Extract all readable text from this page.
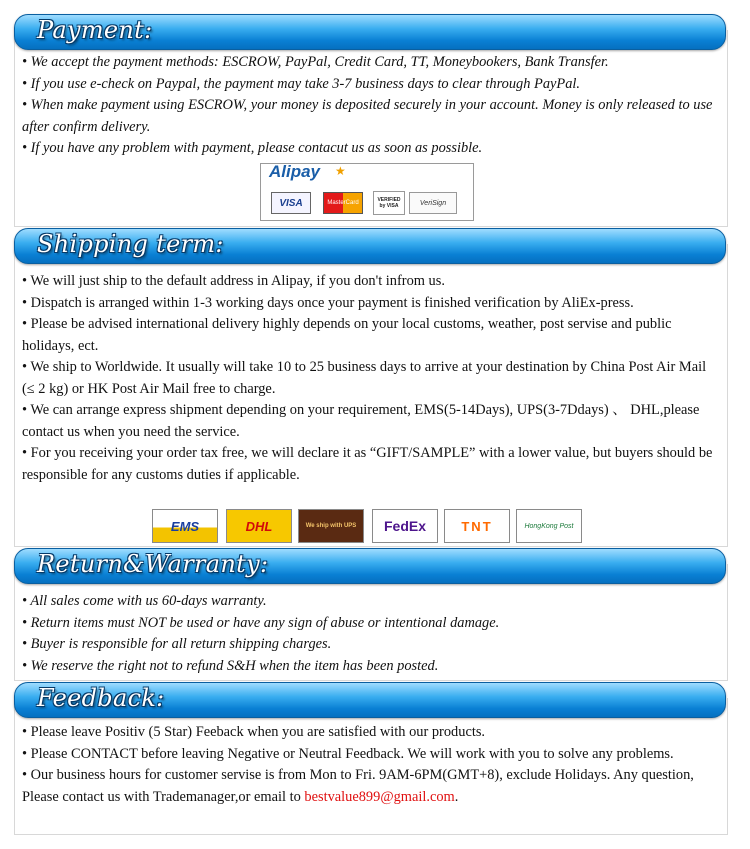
Payment:

• We accept the payment methods: ESCROW, PayPal, Credit Card, TT, Moneybookers, Bank Transfer.

• If you use e-check on Paypal, the payment may take 3-7 business days to clear through PayPal.

• When make payment using ESCROW, your money is deposited securely in your account. Money is only released to use after confirm delivery.

• If you have any problem with payment, please contacut us as soon as possible.

Alipay ★
VISA	MasterCard	VERIFIED by VISA	VeriSign
Shipping term:

• We will just ship to the default address in Alipay, if you don't infrom us.

• Dispatch is arranged within 1-3 working days once your payment is finished verification by AliEx-press.

• Please be advised international delivery highly depends on your local customs, weather, post servise and public holidays, ect.

• We ship to Worldwide. It usually will take 10 to 25 business days to arrive at your destination by China Post Air Mail (≤ 2 kg) or HK Post Air Mail free to charge.

• We can arrange express shipment depending on your requirement, EMS(5-14Days), UPS(3-7Ddays) 、 DHL,please contact us when you need the service.

• For you receiving your order tax free, we will declare it as “GIFT/SAMPLE” with a lower value, but buyers should be responsible for any customs duties if applicable.

EMS	DHL	We ship with UPS	FedEx	TNT	HongKong Post
Return&Warranty:

• All sales come with us 60-days warranty.

• Return items must NOT be used or have any sign of abuse or intentional damage.

• Buyer is responsible for all return shipping charges.

• We reserve the right not to refund S&H when the item has been posted.

Feedback:

• Please leave Positiv (5 Star) Feeback when you are satisfied with our products.

• Please CONTACT before leaving Negative or Neutral Feedback. We will work with you to solve any problems.

• Our business hours for customer servise is from Mon to Fri. 9AM-6PM(GMT+8), exclude Holidays. Any question, Please contact us with Trademanager,or email to bestvalue899@gmail.com.
